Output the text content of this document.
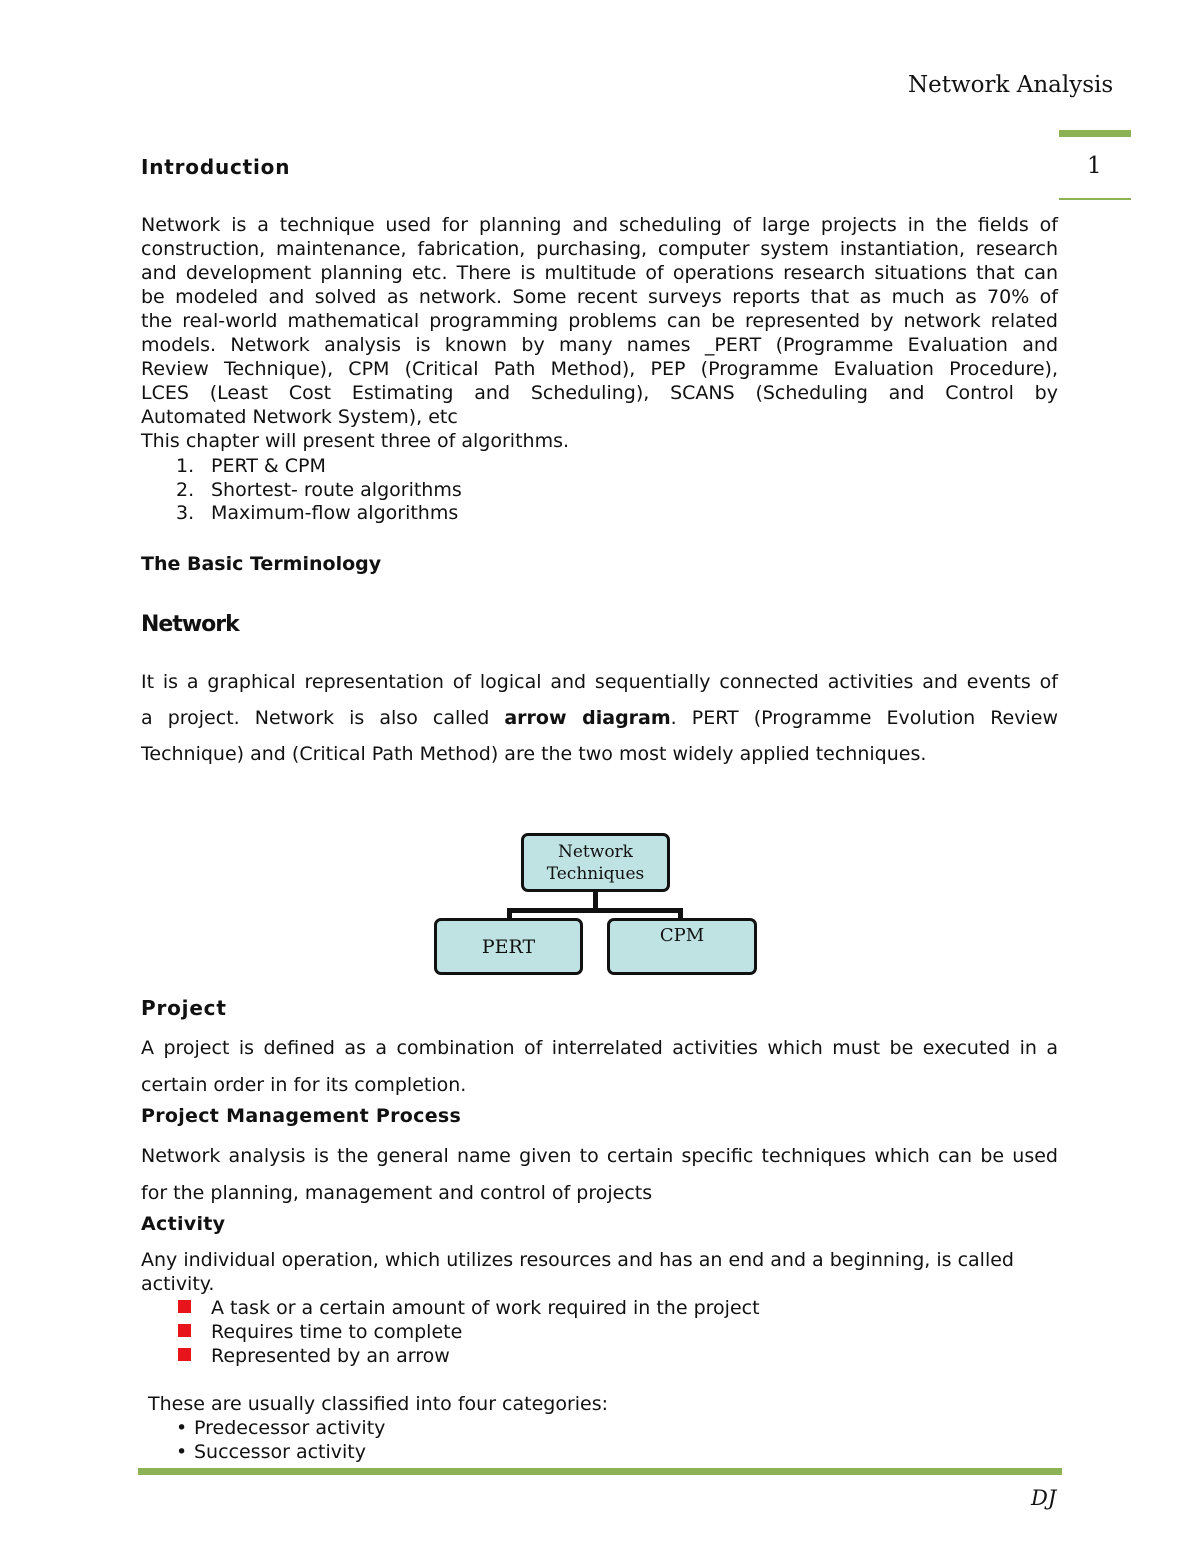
Network Analysis
1
Introduction
Network is a technique used for planning and scheduling of large projects in the fields of
construction, maintenance, fabrication, purchasing, computer system instantiation, research
and development planning etc. There is multitude of operations research situations that can
be modeled and solved as network. Some recent surveys reports that as much as 70% of
the real-world mathematical programming problems can be represented by network related
models. Network analysis is known by many names _PERT (Programme Evaluation and
Review Technique), CPM (Critical Path Method), PEP (Programme Evaluation Procedure),
LCES (Least Cost Estimating and Scheduling), SCANS (Scheduling and Control by
Automated Network System), etc
This chapter will present three of algorithms.
1. PERT & CPM
2. Shortest- route algorithms
3. Maximum-flow algorithms
The Basic Terminology
Network
It is a graphical representation of logical and sequentially connected activities and events of
a project. Network is also called arrow diagram. PERT (Programme Evolution Review
Technique) and (Critical Path Method) are the two most widely applied techniques.
Network
Techniques
PERT	CPM
Project
A project is defined as a combination of interrelated activities which must be executed in a
certain order in for its completion.
Project Management Process
Network analysis is the general name given to certain specific techniques which can be used
for the planning, management and control of projects
Activity
Any individual operation, which utilizes resources and has an end and a beginning, is called
activity.
A task or a certain amount of work required in the project
Requires time to complete
Represented by an arrow
These are usually classified into four categories:
• Predecessor activity
• Successor activity
DJ
